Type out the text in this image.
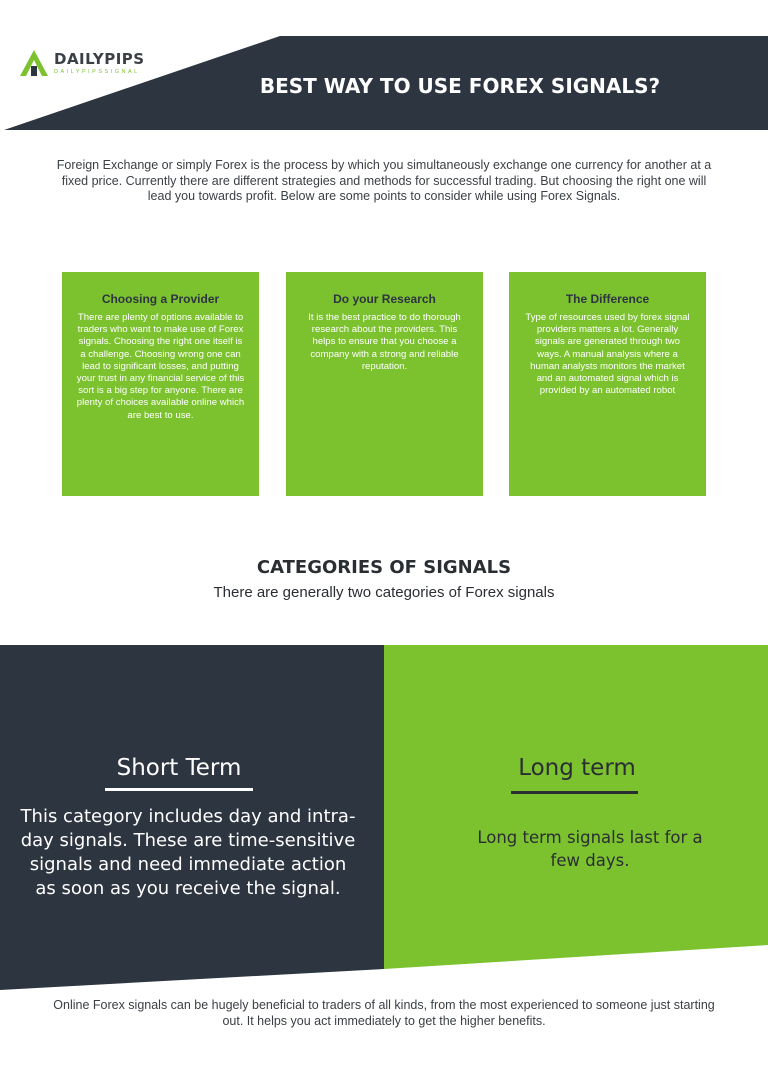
DAILYPIPS
DAILYPIPSSIGNAL
BEST WAY TO USE FOREX SIGNALS?

Foreign Exchange or simply Forex is the process by which you simultaneously exchange one currency for another at a fixed price. Currently there are different strategies and methods for successful trading. But choosing the right one will lead you towards profit. Below are some points to consider while using Forex Signals.

Choosing a Provider

There are plenty of options available to traders who want to make use of Forex signals. Choosing the right one itself is a challenge. Choosing wrong one can lead to significant losses, and putting your trust in any financial service of this sort is a big step for anyone. There are plenty of choices available online which are best to use.

Do your Research

It is the best practice to do thorough research about the providers. This helps to ensure that you choose a company with a strong and reliable reputation.

The Difference

Type of resources used by forex signal providers matters a lot. Generally signals are generated through two ways. A manual analysis where a human analysts monitors the market and an automated signal which is provided by an automated robot

CATEGORIES OF SIGNALS

There are generally two categories of Forex signals

Short Term

This category includes day and intra-day signals. These are time-sensitive signals and need immediate action as soon as you receive the signal.

Long term

Long term signals last for a few days.

Online Forex signals can be hugely beneficial to traders of all kinds, from the most experienced to someone just starting out. It helps you act immediately to get the higher benefits.
